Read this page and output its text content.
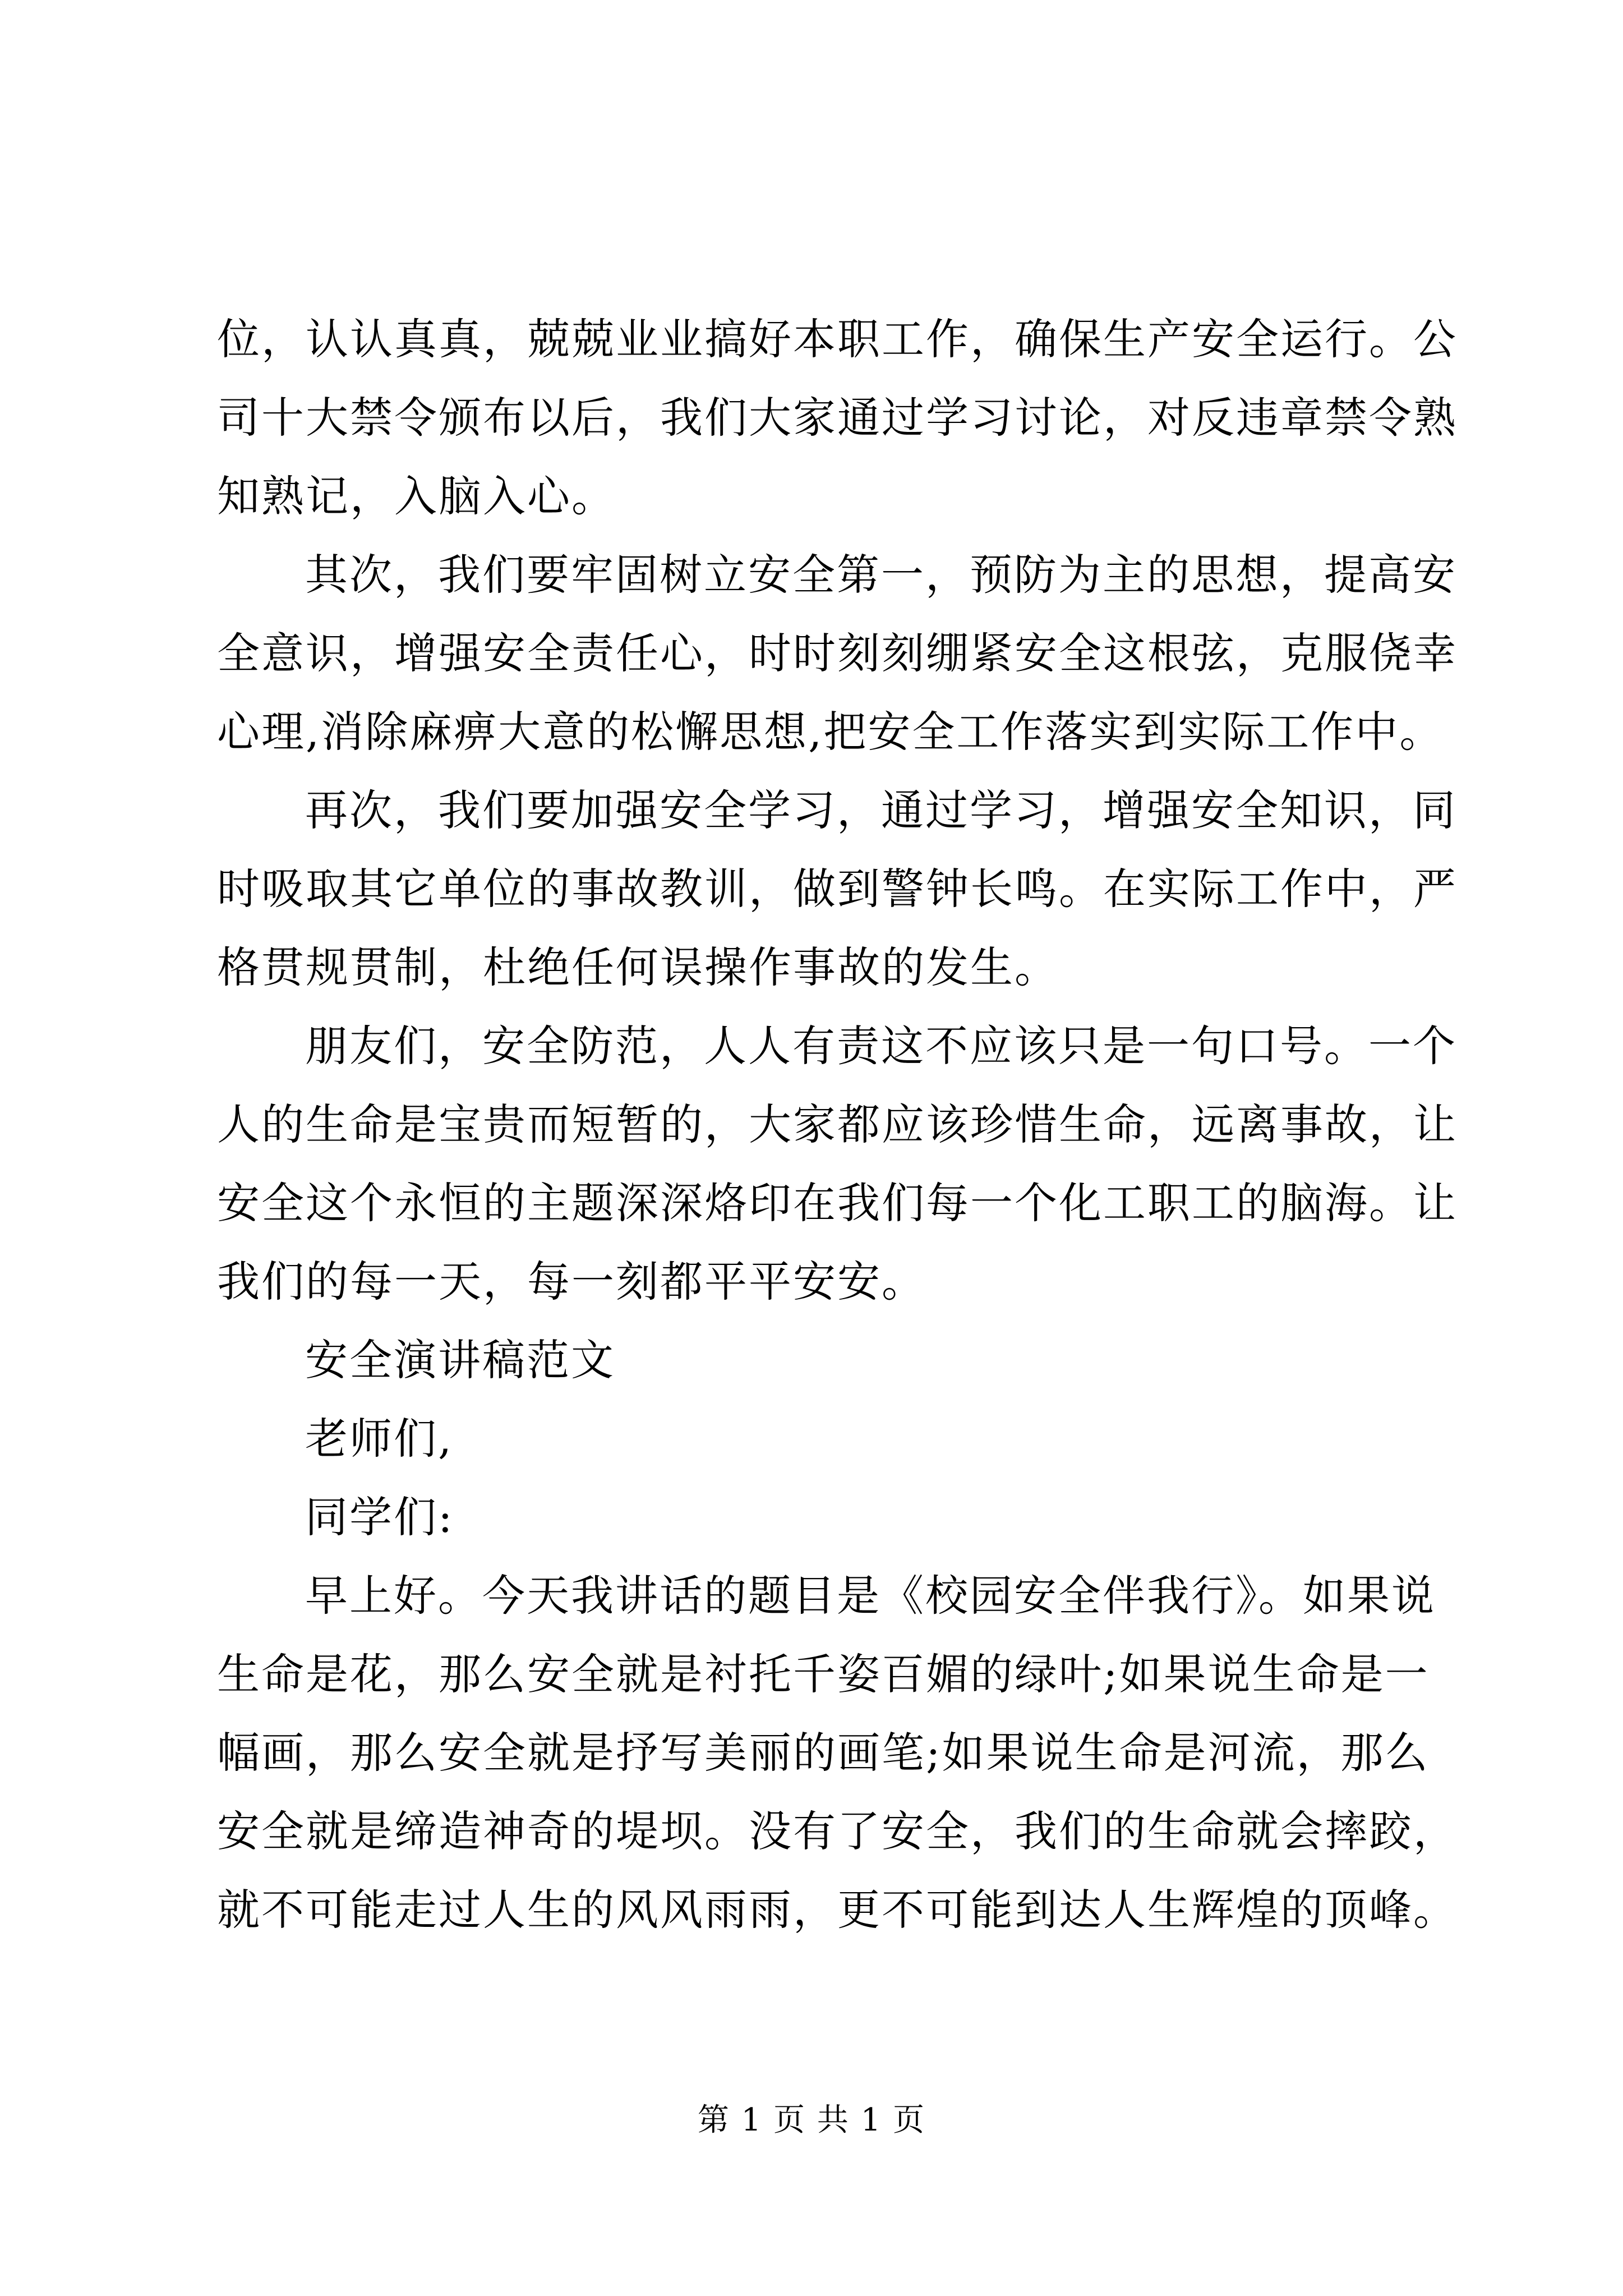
位，认认真真，兢兢业业搞好本职工作，确保生产安全运行。公
司十大禁令颁布以后，我们大家通过学习讨论，对反违章禁令熟
知熟记，入脑入心。
其次，我们要牢固树立安全第一，预防为主的思想，提高安
全意识，增强安全责任心，时时刻刻绷紧安全这根弦，克服侥幸
心理,消除麻痹大意的松懈思想,把安全工作落实到实际工作中。
再次，我们要加强安全学习，通过学习，增强安全知识，同
时吸取其它单位的事故教训，做到警钟长鸣。在实际工作中，严
格贯规贯制，杜绝任何误操作事故的发生。
朋友们，安全防范，人人有责这不应该只是一句口号。一个
人的生命是宝贵而短暂的，大家都应该珍惜生命，远离事故，让
安全这个永恒的主题深深烙印在我们每一个化工职工的脑海。让
我们的每一天，每一刻都平平安安。
安全演讲稿范文
老师们,
同学们:
早上好。今天我讲话的题目是《校园安全伴我行》。如果说
生命是花，那么安全就是衬托千姿百媚的绿叶;如果说生命是一
幅画，那么安全就是抒写美丽的画笔;如果说生命是河流，那么
安全就是缔造神奇的堤坝。没有了安全，我们的生命就会摔跤，
就不可能走过人生的风风雨雨，更不可能到达人生辉煌的顶峰。
第 1 页 共 1 页
